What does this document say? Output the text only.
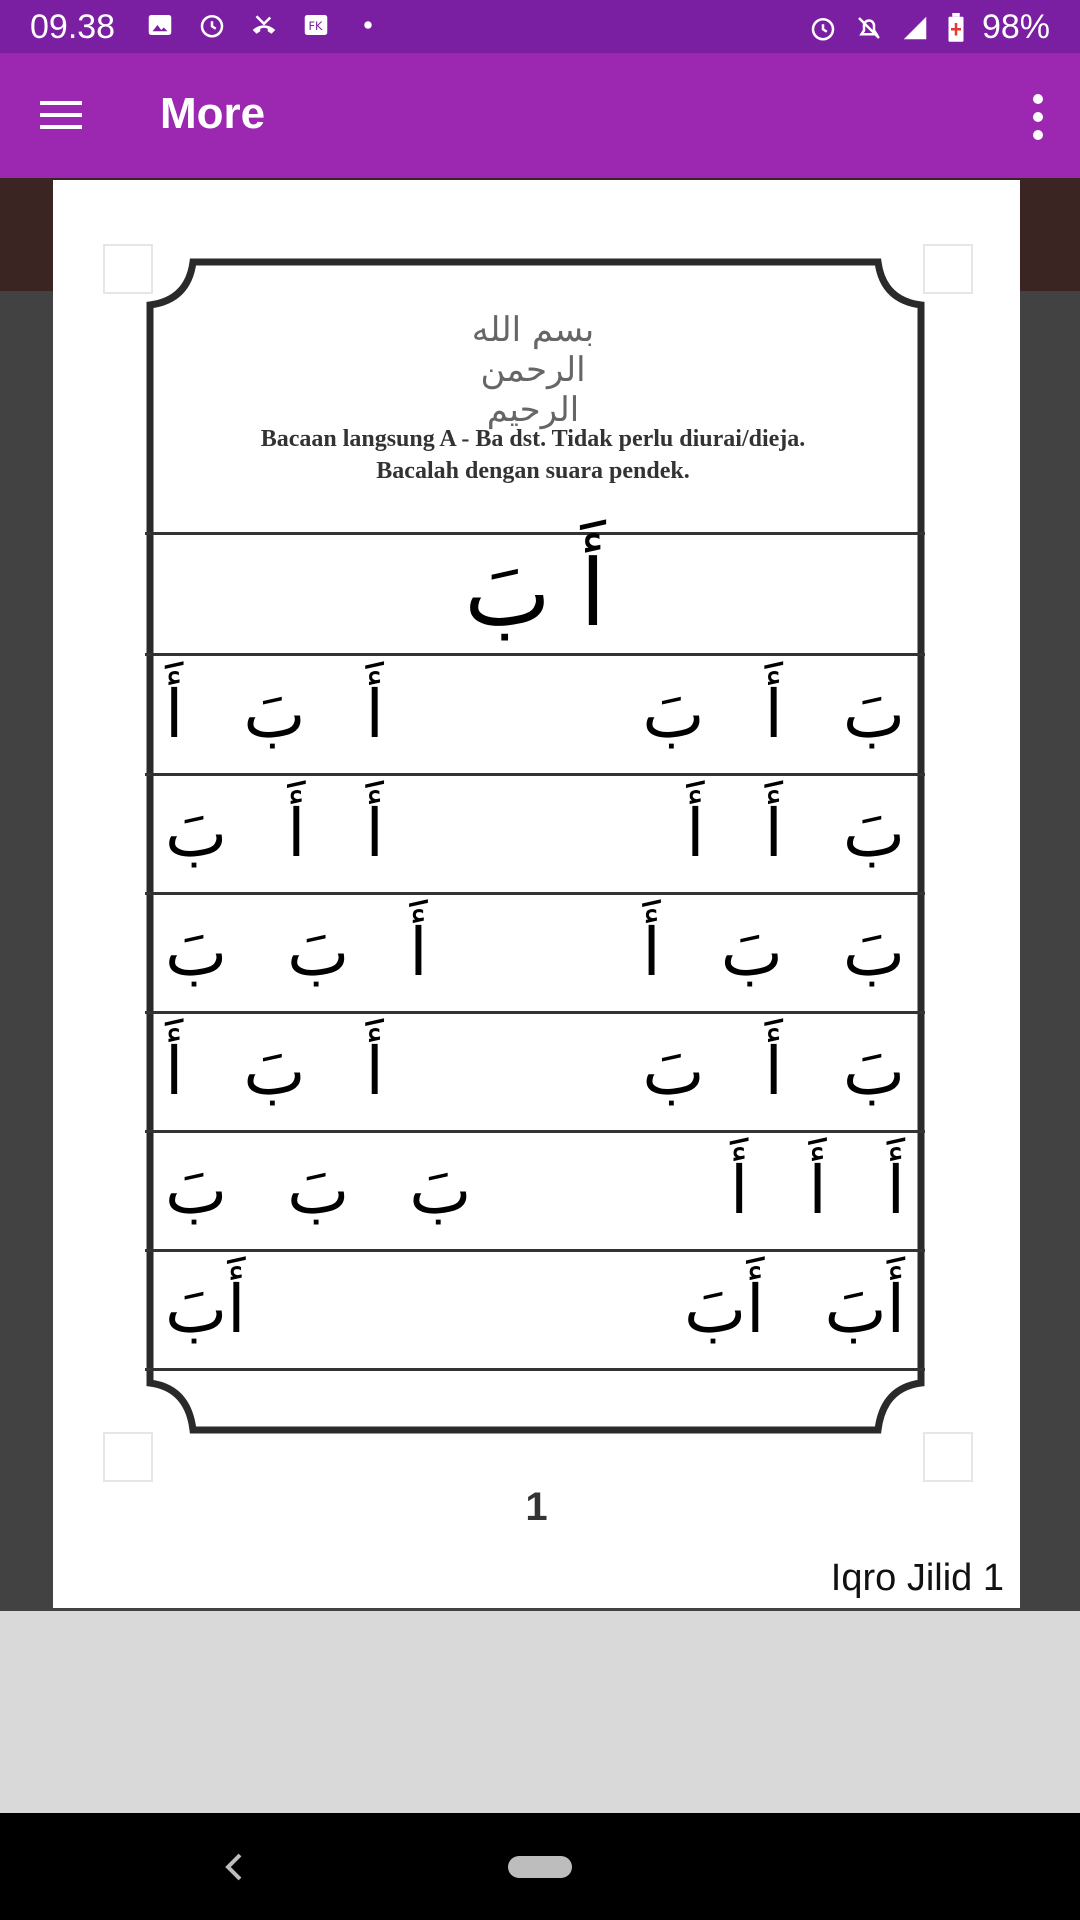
09.38	FK	98%
More
بسم الله الرحمن الرحيم
Bacaan langsung A - Ba dst. Tidak perlu diurai/dieja.
Bacalah dengan suara pendek.
أَ بَ
بَ
أَ
بَ
أَ
بَ
أَ
بَ
أَ
أَ
أَ
أَ
بَ
بَ
بَ
أَ
أَ
بَ
بَ
بَ
أَ
بَ
أَ
بَ
أَ
أَ
أَ
أَ
بَ
بَ
بَ
أَبَ
أَبَ
أَبَ
1
Iqro Jilid 1
